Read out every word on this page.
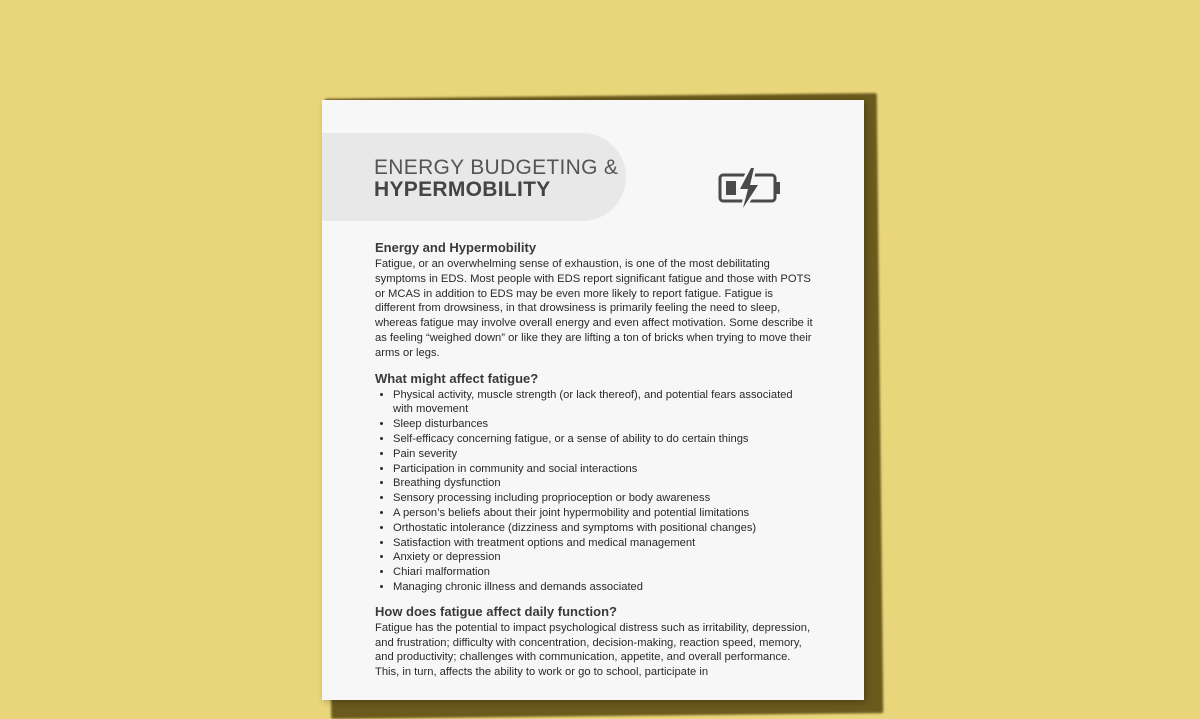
ENERGY BUDGETING &
HYPERMOBILITY
Energy and Hypermobility

Fatigue, or an overwhelming sense of exhaustion, is one of the most debilitating symptoms in EDS. Most people with EDS report significant fatigue and those with POTS or MCAS in addition to EDS may be even more likely to report fatigue. Fatigue is different from drowsiness, in that drowsiness is primarily feeling the need to sleep, whereas fatigue may involve overall energy and even affect motivation. Some describe it as feeling “weighed down” or like they are lifting a ton of bricks when trying to move their arms or legs.

What might affect fatigue?
• Physical activity, muscle strength (or lack thereof), and potential fears associated with movement
• Sleep disturbances
• Self-efficacy concerning fatigue, or a sense of ability to do certain things
• Pain severity
• Participation in community and social interactions
• Breathing dysfunction
• Sensory processing including proprioception or body awareness
• A person’s beliefs about their joint hypermobility and potential limitations
• Orthostatic intolerance (dizziness and symptoms with positional changes)
• Satisfaction with treatment options and medical management
• Anxiety or depression
• Chiari malformation
• Managing chronic illness and demands associated
How does fatigue affect daily function?

Fatigue has the potential to impact psychological distress such as irritability, depression, and frustration; difficulty with concentration, decision-making, reaction speed, memory, and productivity; challenges with communication, appetite, and overall performance. This, in turn, affects the ability to work or go to school, participate in
